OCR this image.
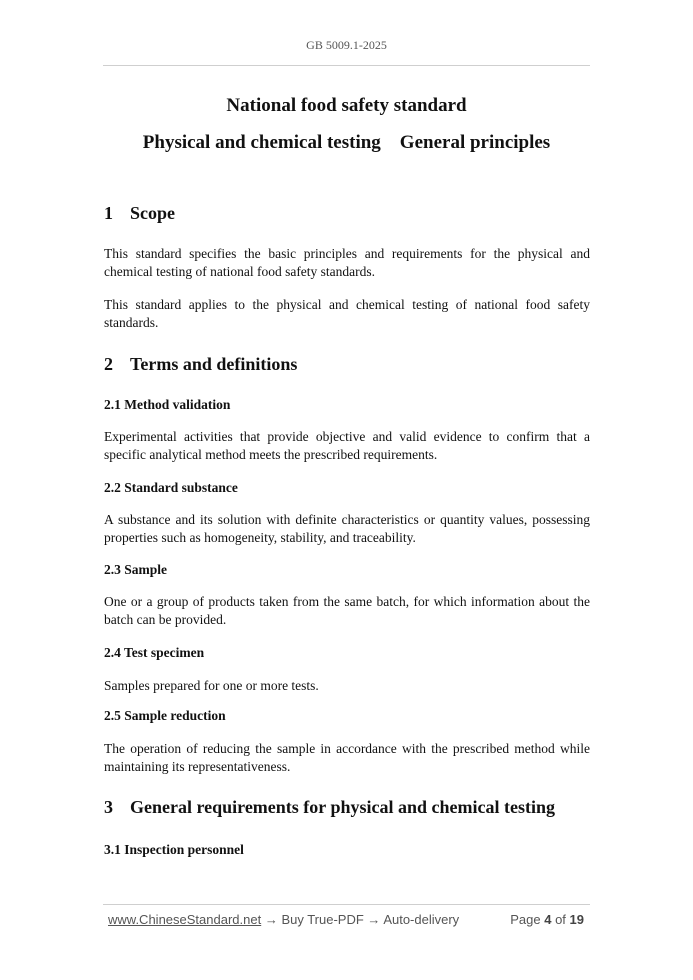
GB 5009.1-2025
National food safety standard
Physical and chemical testing    General principles
1 Scope
This standard specifies the basic principles and requirements for the physical and chemical testing of national food safety standards.
This standard applies to the physical and chemical testing of national food safety standards.
2 Terms and definitions
2.1 Method validation
Experimental activities that provide objective and valid evidence to confirm that a specific analytical method meets the prescribed requirements.
2.2 Standard substance
A substance and its solution with definite characteristics or quantity values, possessing properties such as homogeneity, stability, and traceability.
2.3 Sample
One or a group of products taken from the same batch, for which information about the batch can be provided.
2.4 Test specimen
Samples prepared for one or more tests.
2.5 Sample reduction
The operation of reducing the sample in accordance with the prescribed method while maintaining its representativeness.
3 General requirements for physical and chemical testing
3.1 Inspection personnel
www.ChineseStandard.net → Buy True-PDF → Auto-delivery	Page 4 of 19
